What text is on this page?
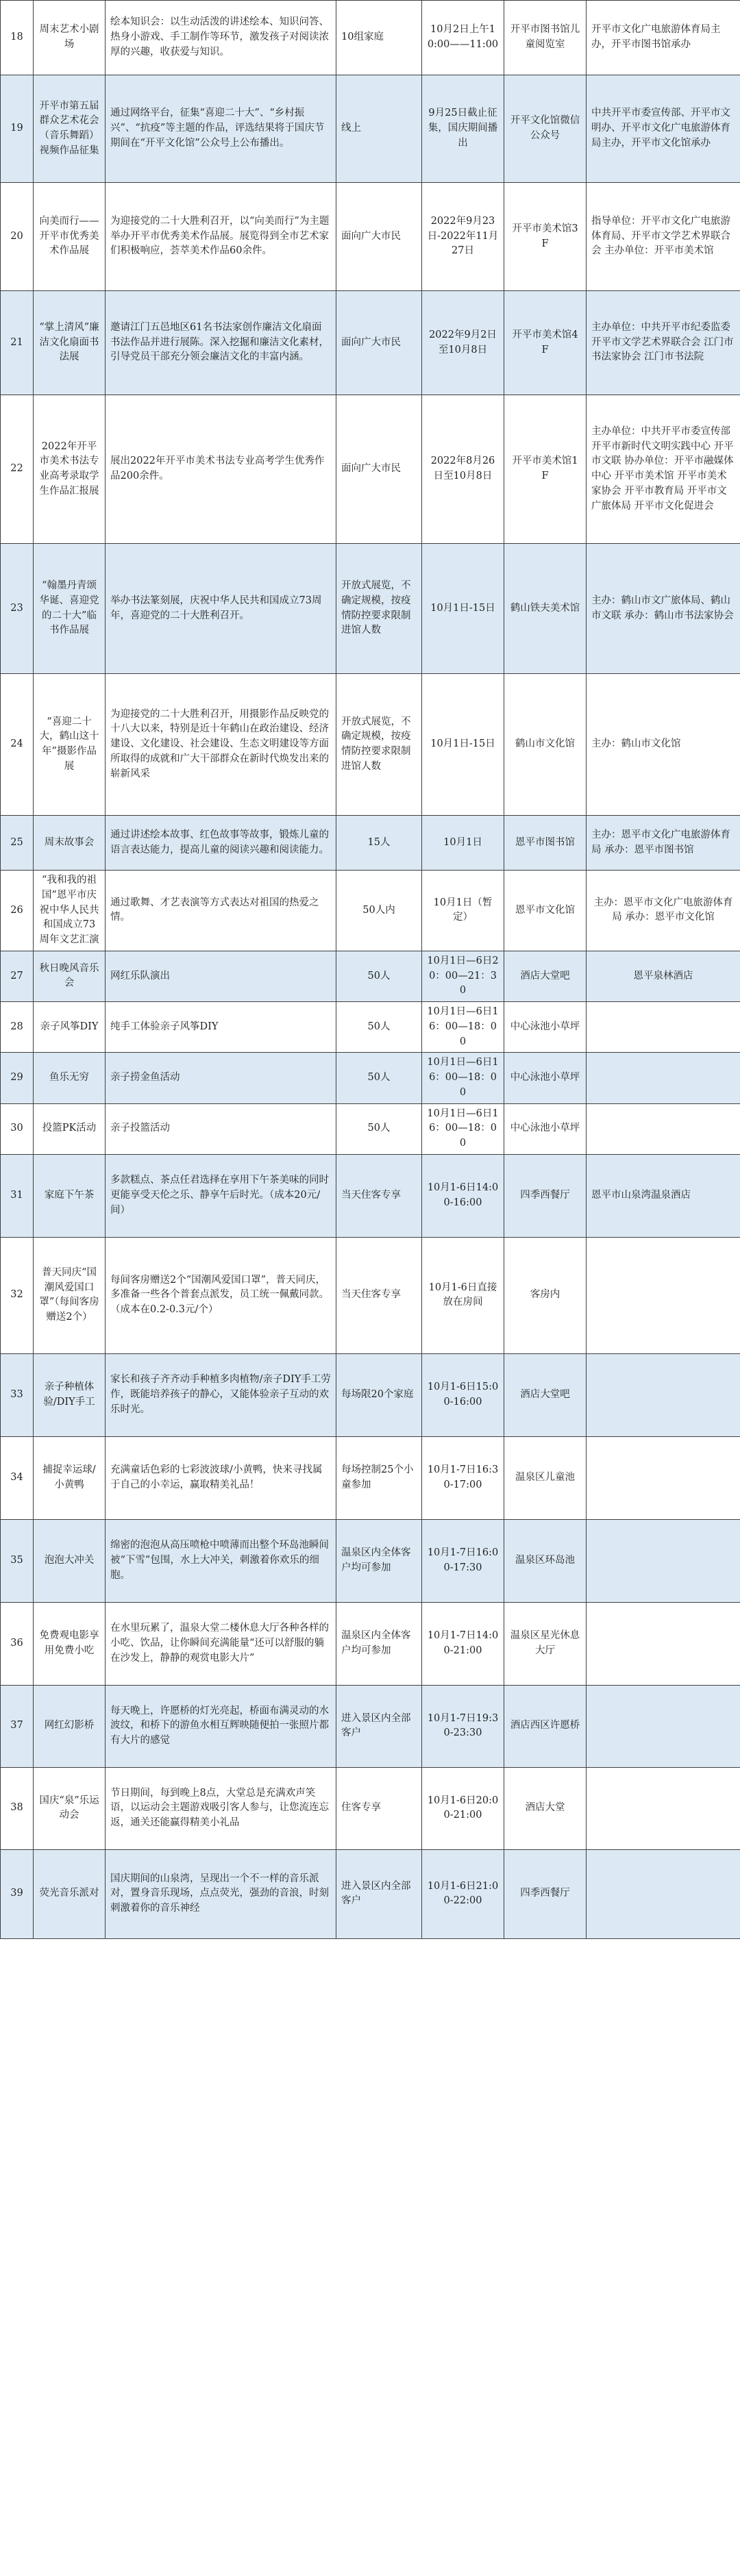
18	周末艺术小剧场	绘本知识会：以生动活泼的讲述绘本、知识问答、热身小游戏、手工制作等环节，激发孩子对阅读浓厚的兴趣，收获爱与知识。	10组家庭	10月2日上午10:00——11:00	开平市图书馆儿童阅览室	开平市文化广电旅游体育局主办，开平市图书馆承办
19	开平市第五届群众艺术花会（音乐舞蹈）视频作品征集	通过网络平台，征集“喜迎二十大”、“乡村振兴”、“抗疫”等主题的作品，评选结果将于国庆节期间在“开平文化馆”公众号上公布播出。	线上	9月25日截止征集，国庆期间播出	开平文化馆微信公众号	中共开平市委宣传部、开平市文明办、开平市文化广电旅游体育局主办，开平市文化馆承办
20	向美而行——开平市优秀美术作品展	为迎接党的二十大胜利召开，以“向美而行”为主题举办开平市优秀美术作品展。展览得到全市艺术家们积极响应，荟萃美术作品60余件。	面向广大市民	2022年9月23日-2022年11月27日	开平市美术馆3F	指导单位：开平市文化广电旅游体育局、开平市文学艺术界联合会 主办单位：开平市美术馆
21	“掌上清风”廉洁文化扇面书法展	邀请江门五邑地区61名书法家创作廉洁文化扇面书法作品并进行展陈。深入挖掘和廉洁文化素材，引导党员干部充分领会廉洁文化的丰富内涵。	面向广大市民	2022年9月2日至10月8日	开平市美术馆4F	主办单位：中共开平市纪委监委 开平市文学艺术界联合会 江门市书法家协会 江门市书法院
22	2022年开平市美术书法专业高考录取学生作品汇报展	展出2022年开平市美术书法专业高考学生优秀作品200余件。	面向广大市民	2022年8月26日至10月8日	开平市美术馆1F	主办单位：中共开平市委宣传部 开平市新时代文明实践中心 开平市文联 协办单位：开平市融媒体中心 开平市美术馆 开平市美术家协会 开平市教育局 开平市文广旅体局 开平市文化促进会
23	“翰墨丹青颂华诞、喜迎党的二十大”临书作品展	举办书法篆刻展，庆祝中华人民共和国成立73周年，喜迎党的二十大胜利召开。	开放式展览，不确定规模，按疫情防控要求限制进馆人数	10月1日-15日	鹤山铁夫美术馆	主办：鹤山市文广旅体局、鹤山市文联 承办：鹤山市书法家协会
24	“喜迎二十大，鹤山这十年”摄影作品展	为迎接党的二十大胜利召开，用摄影作品反映党的十八大以来，特别是近十年鹤山在政治建设、经济建设、文化建设、社会建设、生态文明建设等方面所取得的成就和广大干部群众在新时代焕发出来的崭新风采	开放式展览，不确定规模，按疫情防控要求限制进馆人数	10月1日-15日	鹤山市文化馆	主办：鹤山市文化馆
25	周末故事会	通过讲述绘本故事、红色故事等故事，锻炼儿童的语言表达能力，提高儿童的阅读兴趣和阅读能力。	15人	10月1日	恩平市图书馆	主办：恩平市文化广电旅游体育局 承办：恩平市图书馆
26	“我和我的祖国”恩平市庆祝中华人民共和国成立73周年文艺汇演	通过歌舞、才艺表演等方式表达对祖国的热爱之情。	50人内	10月1日（暂定）	恩平市文化馆	主办：恩平市文化广电旅游体育局 承办：恩平市文化馆
27	秋日晚风音乐会	网红乐队演出	50人	10月1日—6日20：00—21：30	酒店大堂吧	恩平泉林酒店
28	亲子风筝DIY	纯手工体验亲子风筝DIY	50人	10月1日—6日16：00—18：00	中心泳池小草坪	
29	鱼乐无穷	亲子捞金鱼活动	50人	10月1日—6日16：00—18：00	中心泳池小草坪	
30	投篮PK活动	亲子投篮活动	50人	10月1日—6日16：00—18：00	中心泳池小草坪	
31	家庭下午茶	多款糕点、茶点任君选择在享用下午茶美味的同时更能享受天伦之乐、静享午后时光。（成本20元/间）	当天住客专享	10月1-6日14:00-16:00	四季西餐厅	恩平市山泉湾温泉酒店
32	普天同庆“国潮风爱国口罩”（每间客房赠送2个）	每间客房赠送2个“国潮风爱国口罩”，普天同庆，多准备一些各个普套点派发，员工统一佩戴同款。（成本在0.2-0.3元/个）	当天住客专享	10月1-6日直接放在房间	客房内	
33	亲子种植体验/DIY手工	家长和孩子齐齐动手种植多肉植物/亲子DIY手工劳作，既能培养孩子的静心，又能体验亲子互动的欢乐时光。	每场限20个家庭	10月1-6日15:00-16:00	酒店大堂吧	
34	捕捉幸运球/小黄鸭	充满童话色彩的七彩波波球/小黄鸭，快来寻找属于自己的小幸运，赢取精美礼品！	每场控制25个小童参加	10月1-7日16:30-17:00	温泉区儿童池	
35	泡泡大冲关	绵密的泡泡从高压喷枪中喷薄而出整个环岛池瞬间被“下雪”包围，水上大冲关，刺激着你欢乐的细胞。	温泉区内全体客户均可参加	10月1-7日16:00-17:30	温泉区环岛池	
36	免费观电影享用免费小吃	在水里玩累了，温泉大堂二楼休息大厅各种各样的小吃、饮品，让你瞬间充满能量“还可以舒服的躺在沙发上，静静的观赏电影大片”	温泉区内全体客户均可参加	10月1-7日14:00-21:00	温泉区星光休息大厅	
37	网红幻影桥	每天晚上，许愿桥的灯光亮起，桥面布满灵动的水波纹，和桥下的游鱼水相互辉映随便拍一张照片都有大片的感觉	进入景区内全部客户	10月1-7日19:30-23:30	酒店西区许愿桥	
38	国庆“泉”乐运动会	节日期间，每到晚上8点，大堂总是充满欢声笑语，以运动会主题游戏吸引客人参与，让您流连忘返，通关还能赢得精美小礼品	住客专享	10月1-6日20:00-21:00	酒店大堂	
39	荧光音乐派对	国庆期间的山泉湾，呈现出一个不一样的音乐派对，置身音乐现场，点点荧光，强劲的音浪，时刻刺激着你的音乐神经	进入景区内全部客户	10月1-6日21:00-22:00	四季西餐厅	
